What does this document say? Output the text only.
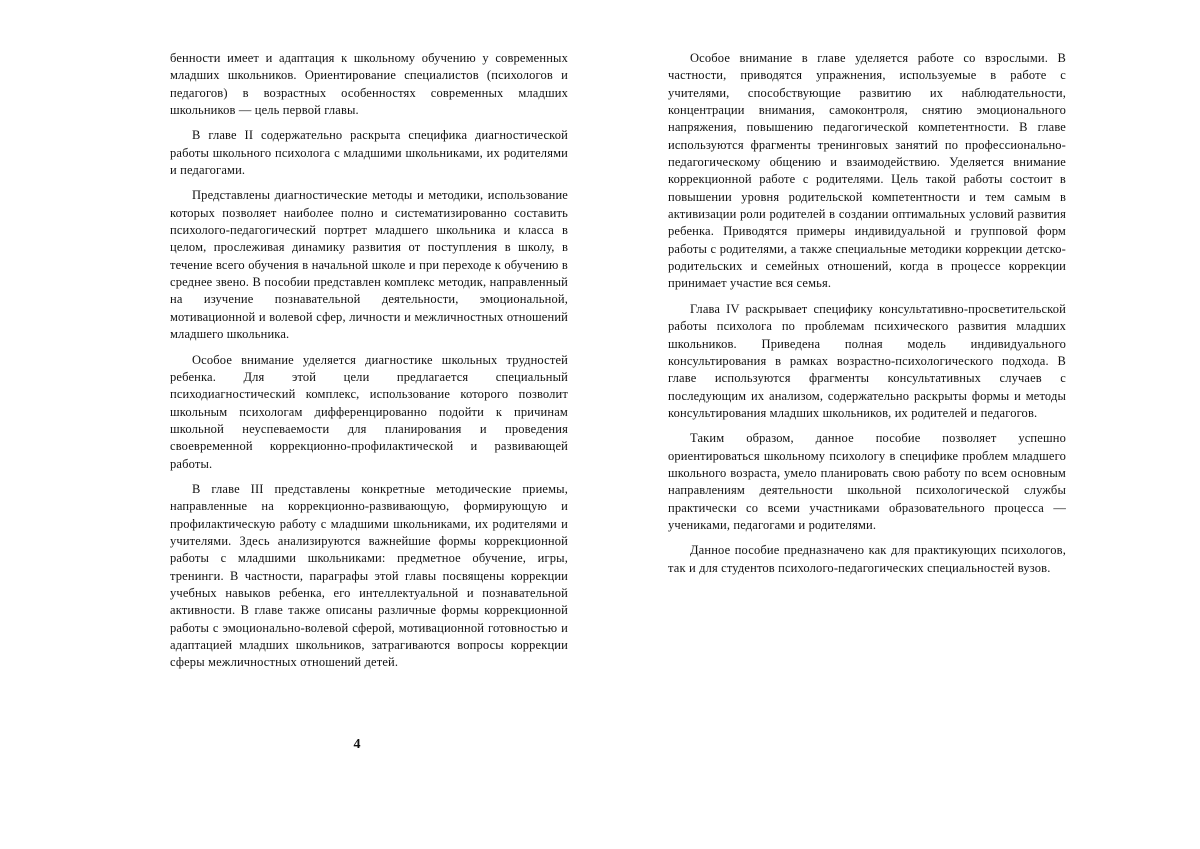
бенности имеет и адаптация к школьному обучению у современных младших школьников. Ориентирование специалистов (психологов и педагогов) в возрастных особенностях современных младших школьников — цель первой главы.

В главе II содержательно раскрыта специфика диагностической работы школьного психолога с младшими школьниками, их родителями и педагогами.

Представлены диагностические методы и методики, использование которых позволяет наиболее полно и систематизированно составить психолого-педагогический портрет младшего школьника и класса в целом, прослеживая динамику развития от поступления в школу, в течение всего обучения в начальной школе и при переходе к обучению в среднее звено. В пособии представлен комплекс методик, направленный на изучение познавательной деятельности, эмоциональной, мотивационной и волевой сфер, личности и межличностных отношений младшего школьника.

Особое внимание уделяется диагностике школьных трудностей ребенка. Для этой цели предлагается специальный психодиагностический комплекс, использование которого позволит школьным психологам дифференцированно подойти к причинам школьной неуспеваемости для планирования и проведения своевременной коррекционно-профилактической и развивающей работы.

В главе III представлены конкретные методические приемы, направленные на коррекционно-развивающую, формирующую и профилактическую работу с младшими школьниками, их родителями и учителями. Здесь анализируются важнейшие формы коррекционной работы с младшими школьниками: предметное обучение, игры, тренинги. В частности, параграфы этой главы посвящены коррекции учебных навыков ребенка, его интеллектуальной и познавательной активности. В главе также описаны различные формы коррекционной работы с эмоционально-волевой сферой, мотивационной готовностью и адаптацией младших школьников, затрагиваются вопросы коррекции сферы межличностных отношений детей.

4

Особое внимание в главе уделяется работе со взрослыми. В частности, приводятся упражнения, используемые в работе с учителями, способствующие развитию их наблюдательности, концентрации внимания, самоконтроля, снятию эмоционального напряжения, повышению педагогической компетентности. В главе используются фрагменты тренинговых занятий по профессионально-педагогическому общению и взаимодействию. Уделяется внимание коррекционной работе с родителями. Цель такой работы состоит в повышении уровня родительской компетентности и тем самым в активизации роли родителей в создании оптимальных условий развития ребенка. Приводятся примеры индивидуальной и групповой форм работы с родителями, а также специальные методики коррекции детско-родительских и семейных отношений, когда в процессе коррекции принимает участие вся семья.

Глава IV раскрывает специфику консультативно-просветительской работы психолога по проблемам психического развития младших школьников. Приведена полная модель индивидуального консультирования в рамках возрастно-психологического подхода. В главе используются фрагменты консультативных случаев с последующим их анализом, содержательно раскрыты формы и методы консультирования младших школьников, их родителей и педагогов.

Таким образом, данное пособие позволяет успешно ориентироваться школьному психологу в специфике проблем младшего школьного возраста, умело планировать свою работу по всем основным направлениям деятельности школьной психологической службы практически со всеми участниками образовательного процесса — учениками, педагогами и родителями.

Данное пособие предназначено как для практикующих психологов, так и для студентов психолого-педагогических специальностей вузов.
